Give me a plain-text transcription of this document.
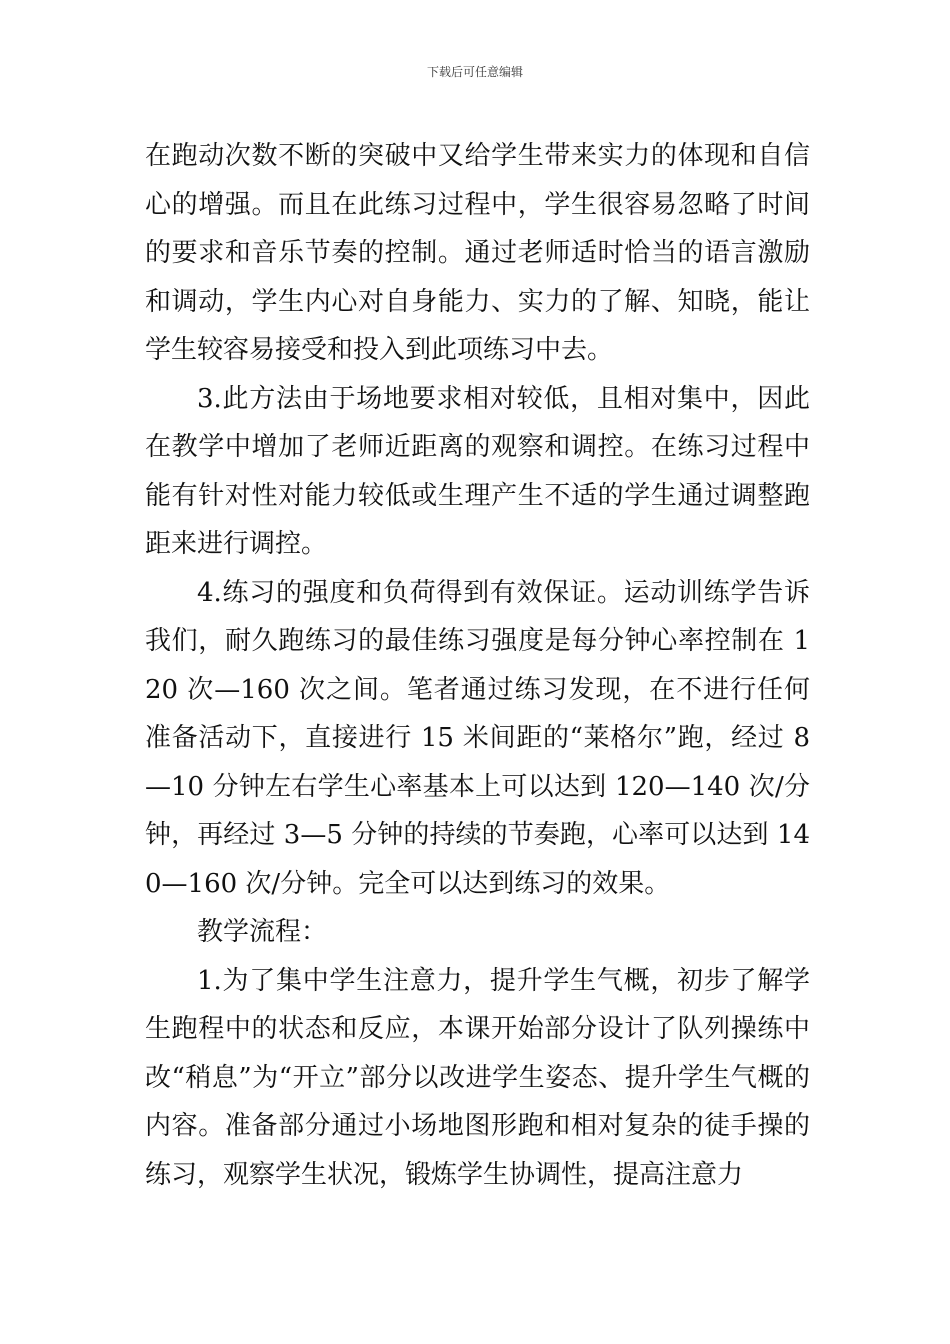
下载后可任意编辑

在跑动次数不断的突破中又给学生带来实力的体现和自信心的增强。而且在此练习过程中，学生很容易忽略了时间的要求和音乐节奏的控制。通过老师适时恰当的语言激励和调动，学生内心对自身能力、实力的了解、知晓，能让学生较容易接受和投入到此项练习中去。

3.此方法由于场地要求相对较低，且相对集中，因此在教学中增加了老师近距离的观察和调控。在练习过程中能有针对性对能力较低或生理产生不适的学生通过调整跑距来进行调控。

4.练习的强度和负荷得到有效保证。运动训练学告诉我们，耐久跑练习的最佳练习强度是每分钟心率控制在 120 次—160 次之间。笔者通过练习发现，在不进行任何准备活动下，直接进行 15 米间距的“莱格尔”跑，经过 8—10 分钟左右学生心率基本上可以达到 120—140 次/分钟，再经过 3—5 分钟的持续的节奏跑，心率可以达到 140—160 次/分钟。完全可以达到练习的效果。

教学流程：

1.为了集中学生注意力，提升学生气概，初步了解学生跑程中的状态和反应，本课开始部分设计了队列操练中改“稍息”为“开立”部分以改进学生姿态、提升学生气概的内容。准备部分通过小场地图形跑和相对复杂的徒手操的练习，观察学生状况，锻炼学生协调性，提高注意力
